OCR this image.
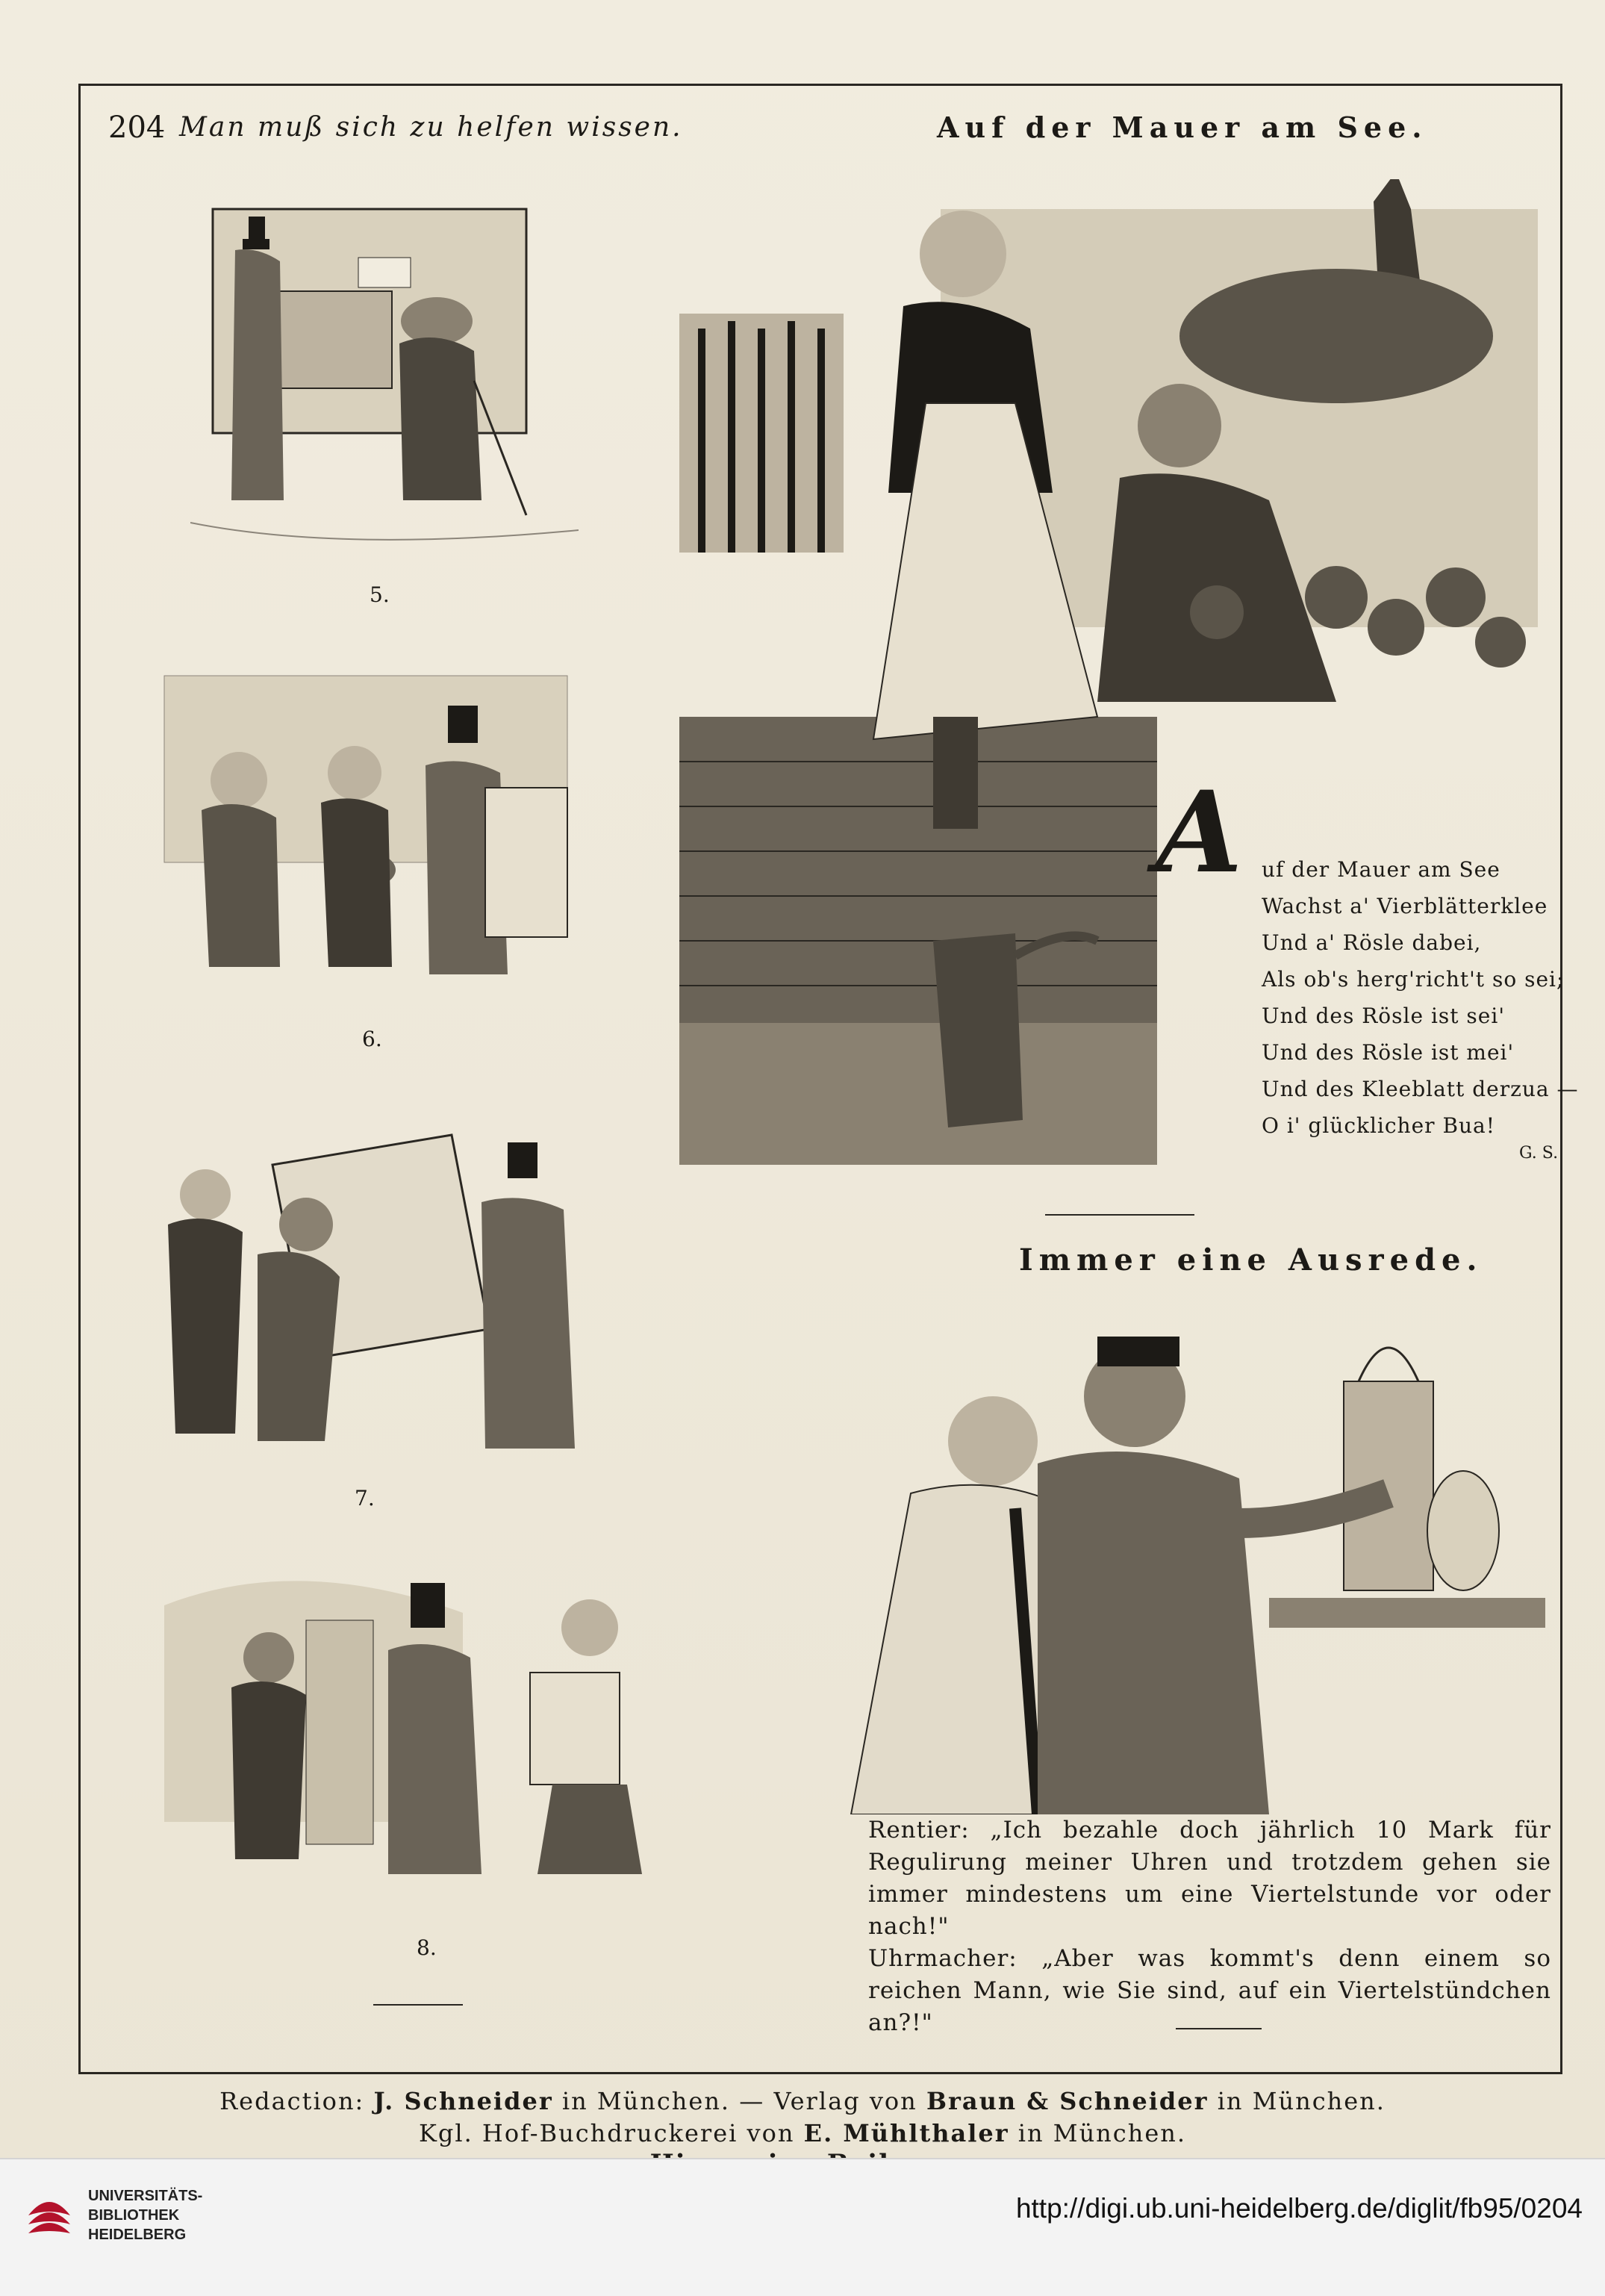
204 Man muß sich zu helfen wissen.	Auf der Mauer am See.
5.
6.
7.
8.
A uf der Mauer am See
Wachst a' Vierblätterklee
Und a' Rösle dabei,
Als ob's herg'richt't so sei;
Und des Rösle ist sei'
Und des Rösle ist mei'
Und des Kleeblatt derzua —
O i' glücklicher Bua!
G. S.
Immer eine Ausrede.

Rentier: „Ich bezahle doch jährlich 10 Mark für Regulirung meiner Uhren und trotzdem gehen sie immer mindestens um eine Viertelstunde vor oder nach!"

Uhrmacher: „Aber was kommt's denn einem so reichen Mann, wie Sie sind, auf ein Viertelstündchen an?!"

Redaction: J. Schneider in München. — Verlag von Braun & Schneider in München.
Kgl. Hof-Buchdruckerei von E. Mühlthaler in München.
UNIVERSITÄTS-
BIBLIOTHEK
HEIDELBERG
http://digi.ub.uni-heidelberg.de/diglit/fb95/0204
